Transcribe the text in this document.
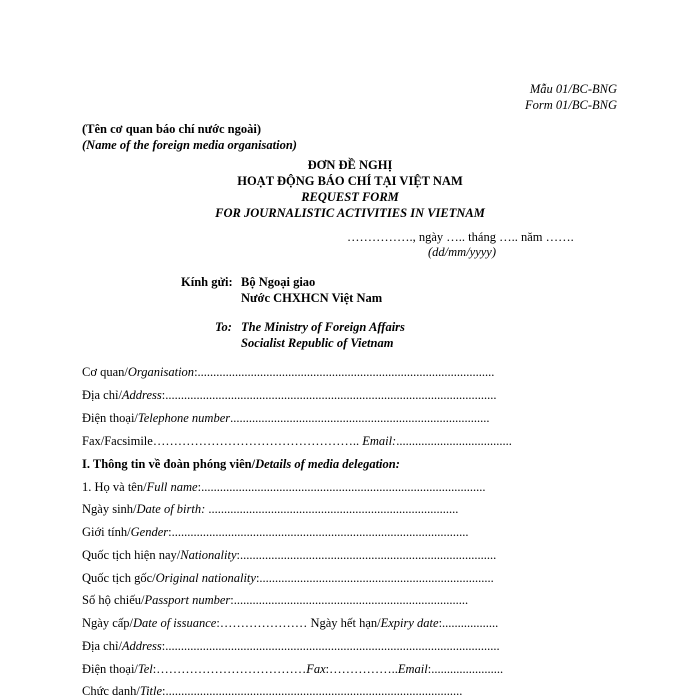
Mẫu 01/BC-BNG
Form 01/BC-BNG
(Tên cơ quan báo chí nước ngoài)
(Name of the foreign media organisation)
ĐƠN ĐỀ NGHỊ
HOẠT ĐỘNG BÁO CHÍ TẠI VIỆT NAM
REQUEST FORM
FOR JOURNALISTIC ACTIVITIES IN VIETNAM
……………., ngày ….. tháng ….. năm …….
(dd/mm/yyyy)
Kính gửi: Bộ Ngoại giao
Nước CHXHCN Việt Nam
To: The Ministry of Foreign Affairs
Socialist Republic of Vietnam
Cơ quan/Organisation:...............................................................................................
Địa chỉ/Address:..........................................................................................................
Điện thoại/Telephone number...................................................................................
Fax/Facsimile………………………………………….. Email:.....................................
I. Thông tin về đoàn phóng viên/Details of media delegation:
1. Họ và tên/Full name:...........................................................................................
Ngày sinh/Date of birth: ................................................................................
Giới tính/Gender:...............................................................................................
Quốc tịch hiện nay/Nationality:..................................................................................
Quốc tịch gốc/Original nationality:...........................................................................
Số hộ chiếu/Passport number:...........................................................................
Ngày cấp/Date of issuance:………………… Ngày hết hạn/Expiry date:..................
Địa chỉ/Address:...........................................................................................................
Điện thoại/Tel:………………………………Fax:……………..Email:.......................
Chức danh/Title:...............................................................................................
